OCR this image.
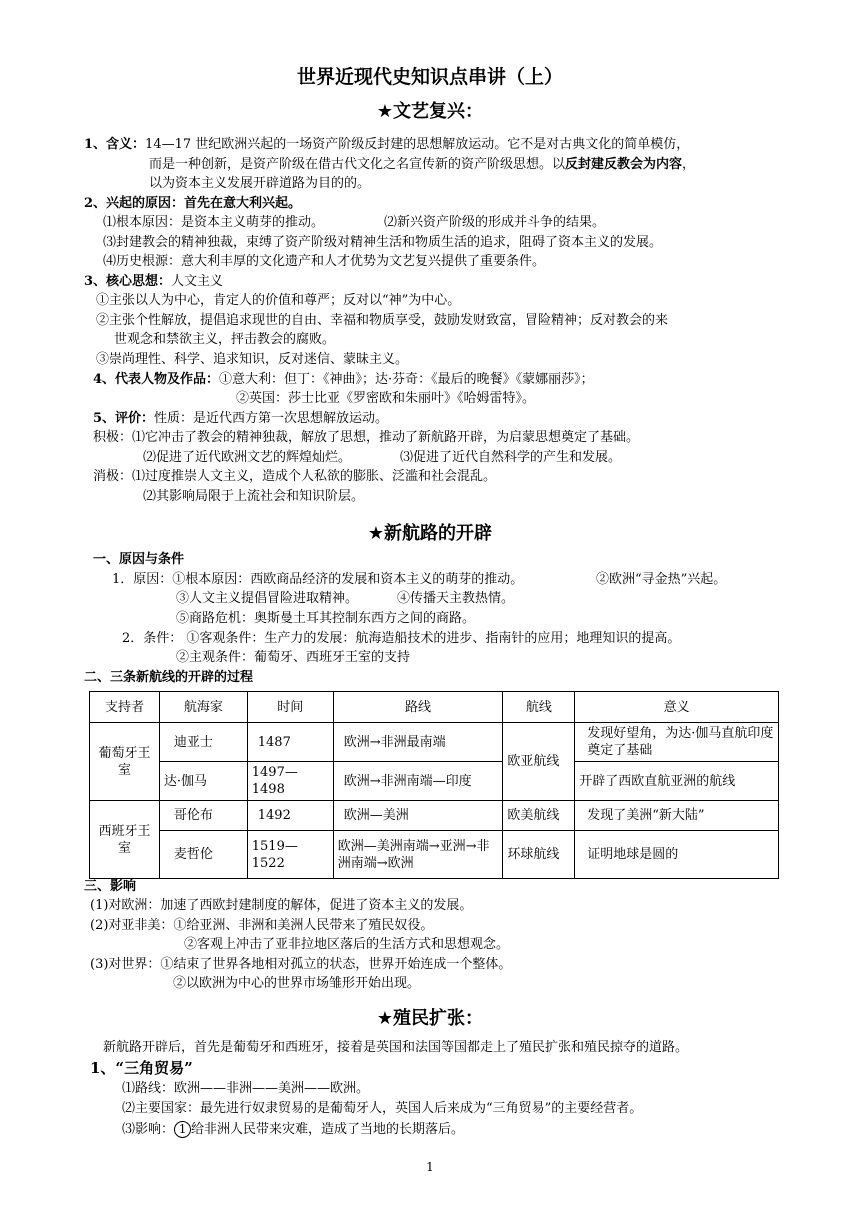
世界近现代史知识点串讲（上）
★文艺复兴：
1、含义：14—17 世纪欧洲兴起的一场资产阶级反封建的思想解放运动。它不是对古典文化的简单模仿，
而是一种创新，是资产阶级在借古代文化之名宣传新的资产阶级思想。以反封建反教会为内容，
以为资本主义发展开辟道路为目的的。
2、兴起的原因：首先在意大利兴起。
⑴根本原因：是资本主义萌芽的推动。	⑵新兴资产阶级的形成并斗争的结果。
⑶封建教会的精神独裁，束缚了资产阶级对精神生活和物质生活的追求，阻碍了资本主义的发展。
⑷历史根源：意大利丰厚的文化遗产和人才优势为文艺复兴提供了重要条件。
3、核心思想：人文主义
①主张以人为中心，肯定人的价值和尊严；反对以“神”为中心。
②主张个性解放，提倡追求现世的自由、幸福和物质享受，鼓励发财致富，冒险精神；反对教会的来
世观念和禁欲主义，抨击教会的腐败。
③崇尚理性、科学、追求知识，反对迷信、蒙昧主义。
4、代表人物及作品：①意大利：但丁：《神曲》；达·芬奇：《最后的晚餐》《蒙娜丽莎》；
②英国：莎士比亚《罗密欧和朱丽叶》《哈姆雷特》。
5、评价：性质：是近代西方第一次思想解放运动。
积极：⑴它冲击了教会的精神独裁，解放了思想，推动了新航路开辟，为启蒙思想奠定了基础。
⑵促进了近代欧洲文艺的辉煌灿烂。	⑶促进了近代自然科学的产生和发展。
消极：⑴过度推崇人文主义，造成个人私欲的膨胀、泛滥和社会混乱。
⑵其影响局限于上流社会和知识阶层。
★新航路的开辟
一、原因与条件
1．原因：①根本原因：西欧商品经济的发展和资本主义的萌芽的推动。	②欧洲“寻金热”兴起。
③人文主义提倡冒险进取精神。	④传播天主教热情。
⑤商路危机：奥斯曼土耳其控制东西方之间的商路。
2．条件： ①客观条件：生产力的发展：航海造船技术的进步、指南针的应用；地理知识的提高。
②主观条件：葡萄牙、西班牙王室的支持
二、三条新航线的开辟的过程
支持者	航海家	时间	路线	航线	意义
葡萄牙王室	迪亚士	1487	欧洲→非洲最南端	欧亚航线	发现好望角，为达·伽马直航印度奠定了基础
	达·伽马	1497—1498	欧洲→非洲南端—印度		开辟了西欧直航亚洲的航线
西班牙王室	哥伦布	1492	欧洲—美洲	欧美航线	发现了美洲“新大陆”
	麦哲伦	1519—1522	欧洲—美洲南端→亚洲→非洲南端→欧洲	环球航线	证明地球是圆的
三、影响
(1)对欧洲：加速了西欧封建制度的解体，促进了资本主义的发展。
(2)对亚非美：①给亚洲、非洲和美洲人民带来了殖民奴役。
②客观上冲击了亚非拉地区落后的生活方式和思想观念。
(3)对世界：①结束了世界各地相对孤立的状态，世界开始连成一个整体。
②以欧洲为中心的世界市场雏形开始出现。
★殖民扩张：
新航路开辟后，首先是葡萄牙和西班牙，接着是英国和法国等国都走上了殖民扩张和殖民掠夺的道路。
1、“三角贸易”
⑴路线：欧洲——非洲——美洲——欧洲。
⑵主要国家：最先进行奴隶贸易的是葡萄牙人，英国人后来成为“三角贸易”的主要经营者。
⑶影响： 1 给非洲人民带来灾难，造成了当地的长期落后。
1
